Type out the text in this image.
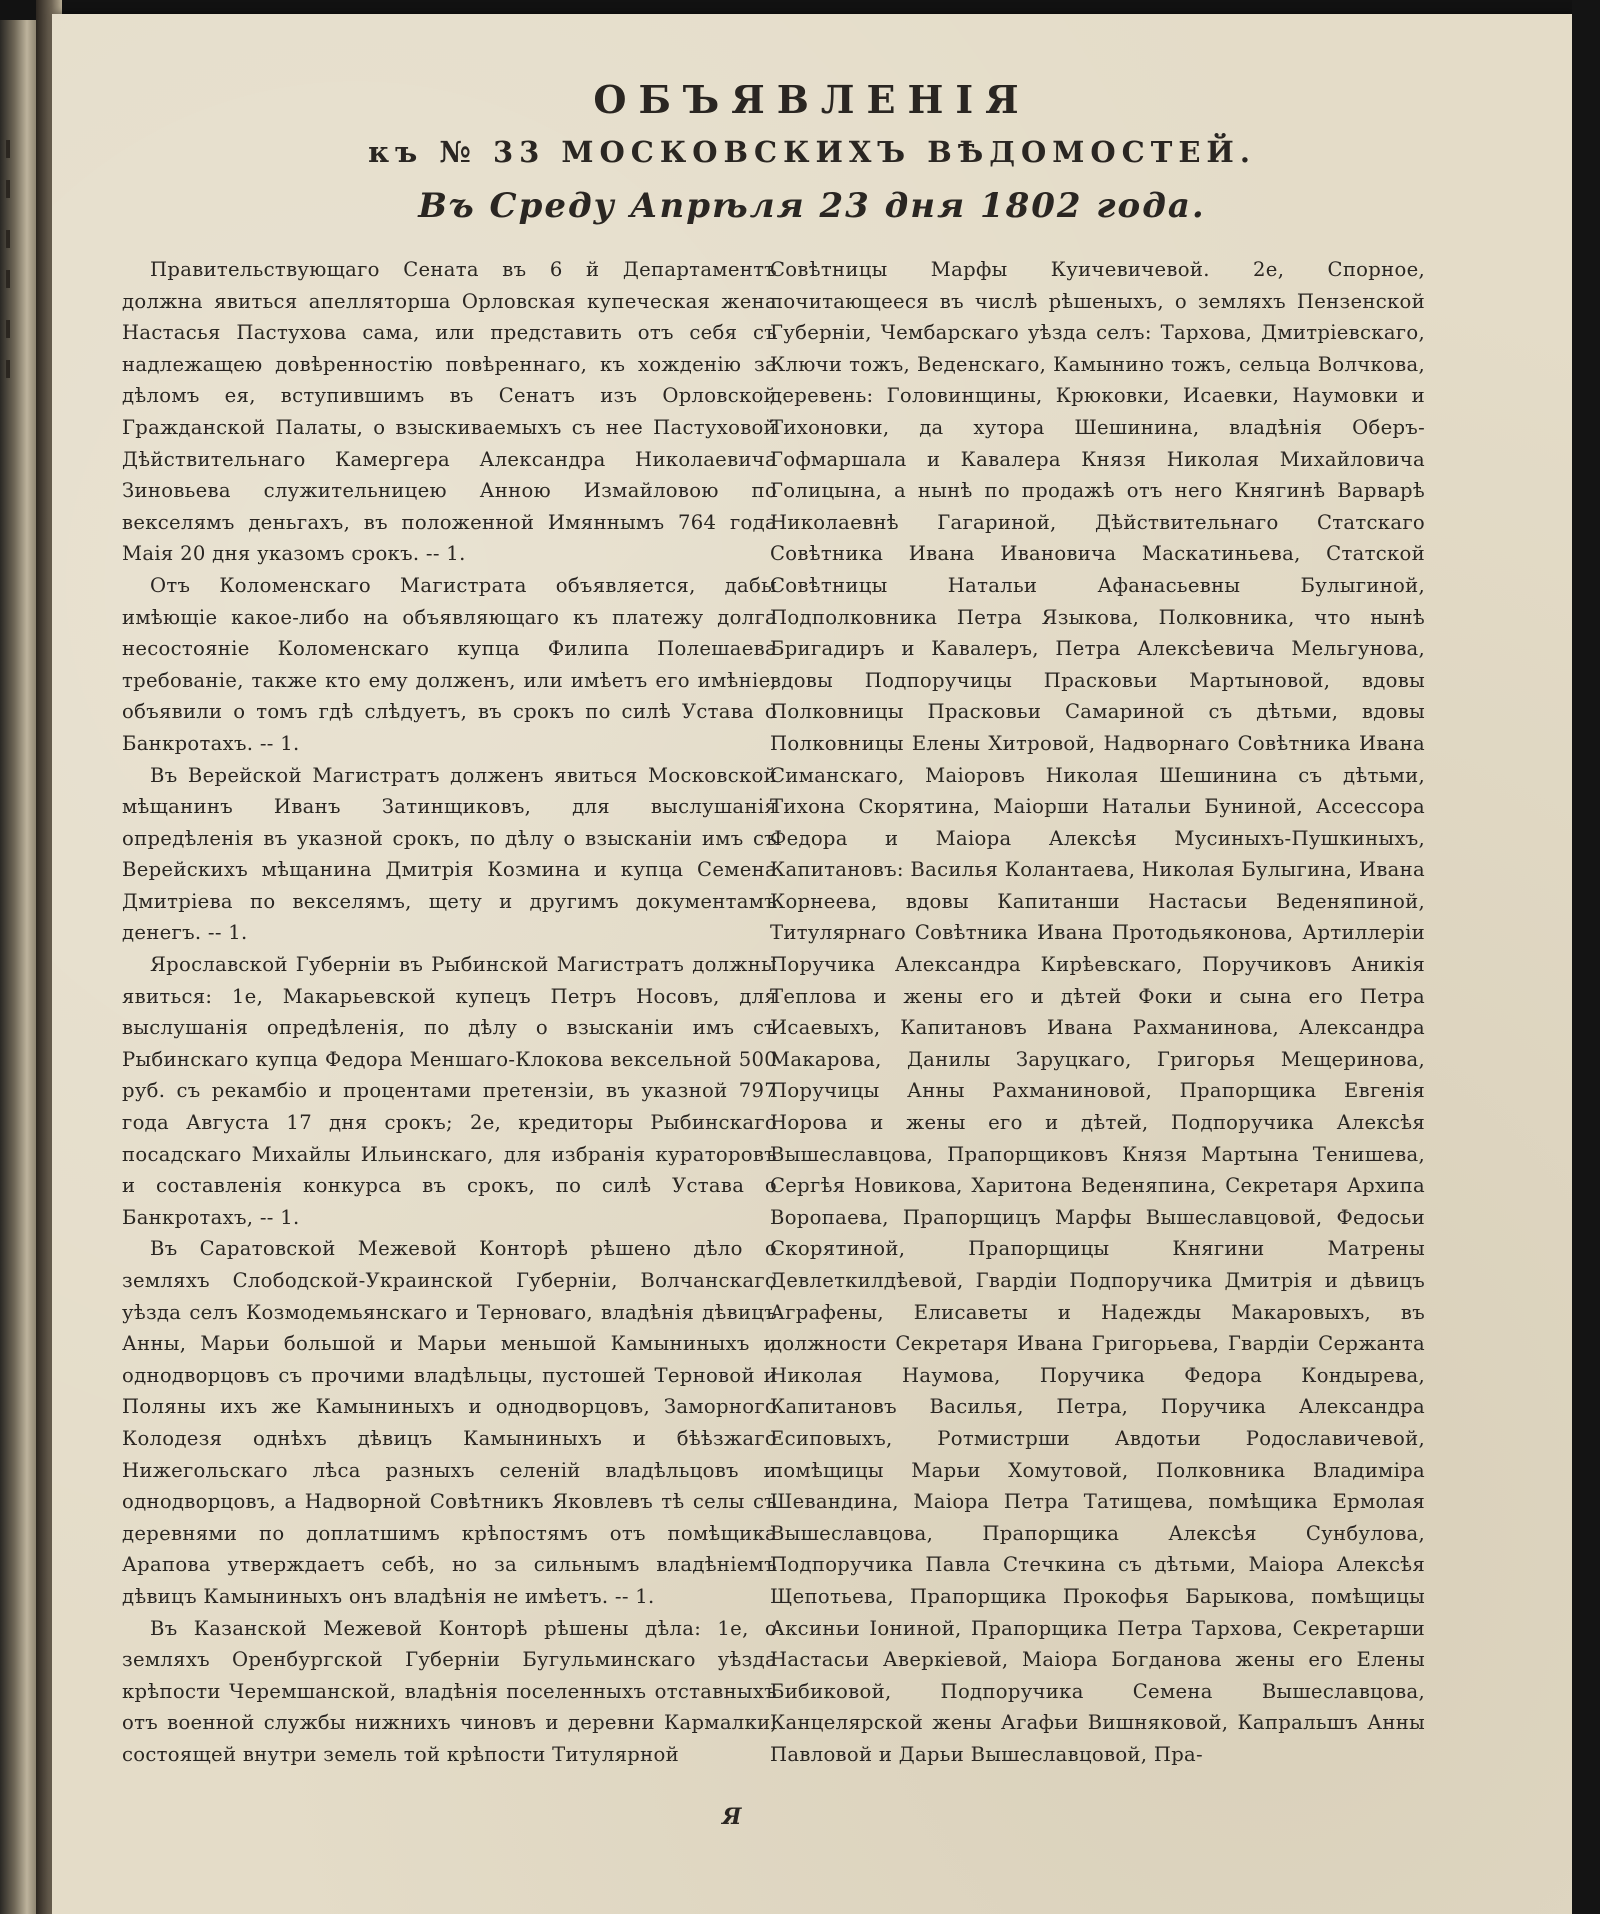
ОБЪЯВЛЕНІЯ

къ № 33 МОСКОВСКИХЪ ВѢДОМОСТЕЙ.

Въ Среду Апрѣля 23 дня 1802 года.

Правительствующаго Сената въ 6 й Департаментъ должна явиться апелляторша Орловская купеческая жена Настасья Пастухова сама, или представить отъ себя съ надлежащею довѣренностію повѣреннаго, къ хожденію за дѣломъ ея, вступившимъ въ Сенатъ изъ Орловской Гражданской Палаты, о взыскиваемыхъ съ нее Пастуховой Дѣйствительнаго Камергера Александра Николаевича Зиновьева служительницею Анною Измайловою по векселямъ деньгахъ, въ положенной Имяннымъ 764 года Маія 20 дня указомъ срокъ. -- 1.

Отъ Коломенскаго Магистрата объявляется, дабы имѣющіе какое-либо на объявляющаго къ платежу долга несостояніе Коломенскаго купца Филипа Полешаева требованіе, также кто ему долженъ, или имѣетъ его имѣніе, объявили о томъ гдѣ слѣдуетъ, въ срокъ по силѣ Устава о Банкротахъ. -- 1.

Въ Верейской Магистратъ долженъ явиться Московской мѣщанинъ Иванъ Затинщиковъ, для выслушанія опредѣленія въ указной срокъ, по дѣлу о взысканіи имъ съ Верейскихъ мѣщанина Дмитрія Козмина и купца Семена Дмитріева по векселямъ, щету и другимъ документамъ денегъ. -- 1.

Ярославской Губерніи въ Рыбинской Магистратъ должны явиться: 1е, Макарьевской купецъ Петръ Носовъ, для выслушанія опредѣленія, по дѣлу о взысканіи имъ съ Рыбинскаго купца Федора Меншаго-Клокова вексельной 500 руб. съ рекамбіо и процентами претензіи, въ указной 797 года Августа 17 дня срокъ; 2е, кредиторы Рыбинскаго посадскаго Михайлы Ильинскаго, для избранія кураторовъ и составленія конкурса въ срокъ, по силѣ Устава о Банкротахъ, -- 1.

Въ Саратовской Межевой Конторѣ рѣшено дѣло о земляхъ Слободской-Украинской Губерніи, Волчанскаго уѣзда селъ Козмодемьянскаго и Терноваго, владѣнія дѣвицъ Анны, Марьи большой и Марьи меньшой Камыниныхъ и однодворцовъ съ прочими владѣльцы, пустошей Терновой и Поляны ихъ же Камыниныхъ и однодворцовъ, Заморного Колодезя однѣхъ дѣвицъ Камыниныхъ и бѣѣзжаго Нижегольскаго лѣса разныхъ селеній владѣльцовъ и однодворцовъ, а Надворной Совѣтникъ Яковлевъ тѣ селы съ деревнями по доплатшимъ крѣпостямъ отъ помѣщика Арапова утверждаетъ себѣ, но за сильнымъ владѣніемъ дѣвицъ Камыниныхъ онъ владѣнія не имѣетъ. -- 1.

Въ Казанской Межевой Конторѣ рѣшены дѣла: 1е, о земляхъ Оренбургской Губерніи Бугульминскаго уѣзда крѣпости Черемшанской, владѣнія поселенныхъ отставныхъ отъ военной службы нижнихъ чиновъ и деревни Кармалки, состоящей внутри земель той крѣпости Титулярной

Совѣтницы Марфы Куичевичевой. 2е, Спорное, почитающееся въ числѣ рѣшеныхъ, о земляхъ Пензенской Губерніи, Чембарскаго уѣзда селъ: Тархова, Дмитріевскаго, Ключи тожъ, Веденскаго, Камынино тожъ, сельца Волчкова, деревень: Головинщины, Крюковки, Исаевки, Наумовки и Тихоновки, да хутора Шешинина, владѣнія Оберъ-Гофмаршала и Кавалера Князя Николая Михайловича Голицына, а нынѣ по продажѣ отъ него Княгинѣ Варварѣ Николаевнѣ Гагариной, Дѣйствительнаго Статскаго Совѣтника Ивана Ивановича Маскатиньева, Статской Совѣтницы Натальи Афанасьевны Булыгиной, Подполковника Петра Языкова, Полковника, что нынѣ Бригадиръ и Кавалеръ, Петра Алексѣевича Мельгунова, вдовы Подпоручицы Прасковьи Мартыновой, вдовы Полковницы Прасковьи Самариной съ дѣтьми, вдовы Полковницы Елены Хитровой, Надворнаго Совѣтника Ивана Симанскаго, Маіоровъ Николая Шешинина съ дѣтьми, Тихона Скорятина, Маіорши Натальи Буниной, Ассессора Федора и Маіора Алексѣя Мусиныхъ-Пушкиныхъ, Капитановъ: Василья Колантаева, Николая Булыгина, Ивана Корнеева, вдовы Капитанши Настасьи Веденяпиной, Титулярнаго Совѣтника Ивана Протодьяконова, Артиллеріи Поручика Александра Кирѣевскаго, Поручиковъ Аникія Теплова и жены его и дѣтей Фоки и сына его Петра Исаевыхъ, Капитановъ Ивана Рахманинова, Александра Макарова, Данилы Заруцкаго, Григорья Мещеринова, Поручицы Анны Рахманиновой, Прапорщика Евгенія Норова и жены его и дѣтей, Подпоручика Алексѣя Вышеславцова, Прапорщиковъ Князя Мартына Тенишева, Сергѣя Новикова, Харитона Веденяпина, Секретаря Архипа Воропаева, Прапорщицъ Марфы Вышеславцовой, Федосьи Скорятиной, Прапорщицы Княгини Матрены Девлеткилдѣевой, Гвардіи Подпоручика Дмитрія и дѣвицъ Аграфены, Елисаветы и Надежды Макаровыхъ, въ должности Секретаря Ивана Григорьева, Гвардіи Сержанта Николая Наумова, Поручика Федора Кондырева, Капитановъ Василья, Петра, Поручика Александра Есиповыхъ, Ротмистрши Авдотьи Родославичевой, помѣщицы Марьи Хомутовой, Полковника Владиміра Шевандина, Маіора Петра Татищева, помѣщика Ермолая Вышеславцова, Прапорщика Алексѣя Сунбулова, Подпоручика Павла Стечкина съ дѣтьми, Маіора Алексѣя Щепотьева, Прапорщика Прокофья Барыкова, помѣщицы Аксиньи Іониной, Прапорщика Петра Тархова, Секретарши Настасьи Аверкіевой, Маіора Богданова жены его Елены Бибиковой, Подпоручика Семена Вышеславцова, Канцелярской жены Агафьи Вишняковой, Капральшъ Анны Павловой и Дарьи Вышеславцовой, Пра-

Я
